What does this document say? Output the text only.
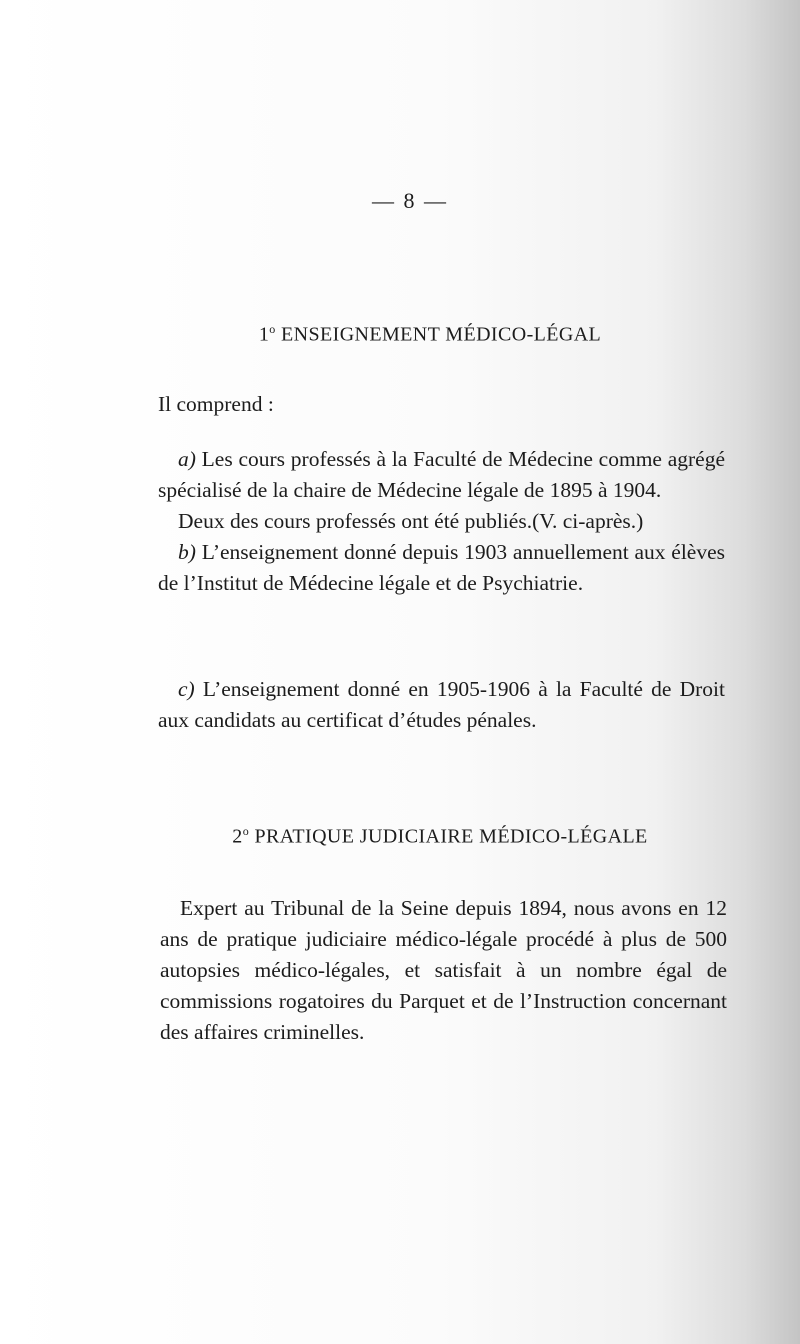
— 8 —
1$^o$ ENSEIGNEMENT MÉDICO-LÉGAL

Il comprend :

a) Les cours professés à la Faculté de Médecine comme agrégé spécialisé de la chaire de Médecine légale de 1895 à 1904.

Deux des cours professés ont été publiés.(V. ci-après.)

b) L’enseignement donné depuis 1903 annuellement aux élèves de l’Institut de Médecine légale et de Psychiatrie.

c) L’enseignement donné en 1905-1906 à la Faculté de Droit aux candidats au certificat d’études pénales.

2$^o$ PRATIQUE JUDICIAIRE MÉDICO-LÉGALE

Expert au Tribunal de la Seine depuis 1894, nous avons en 12 ans de pratique judiciaire médico-légale procédé à plus de 500 autopsies médico-légales, et satisfait à un nombre égal de commissions rogatoires du Parquet et de l’Instruction concernant des affaires criminelles.
